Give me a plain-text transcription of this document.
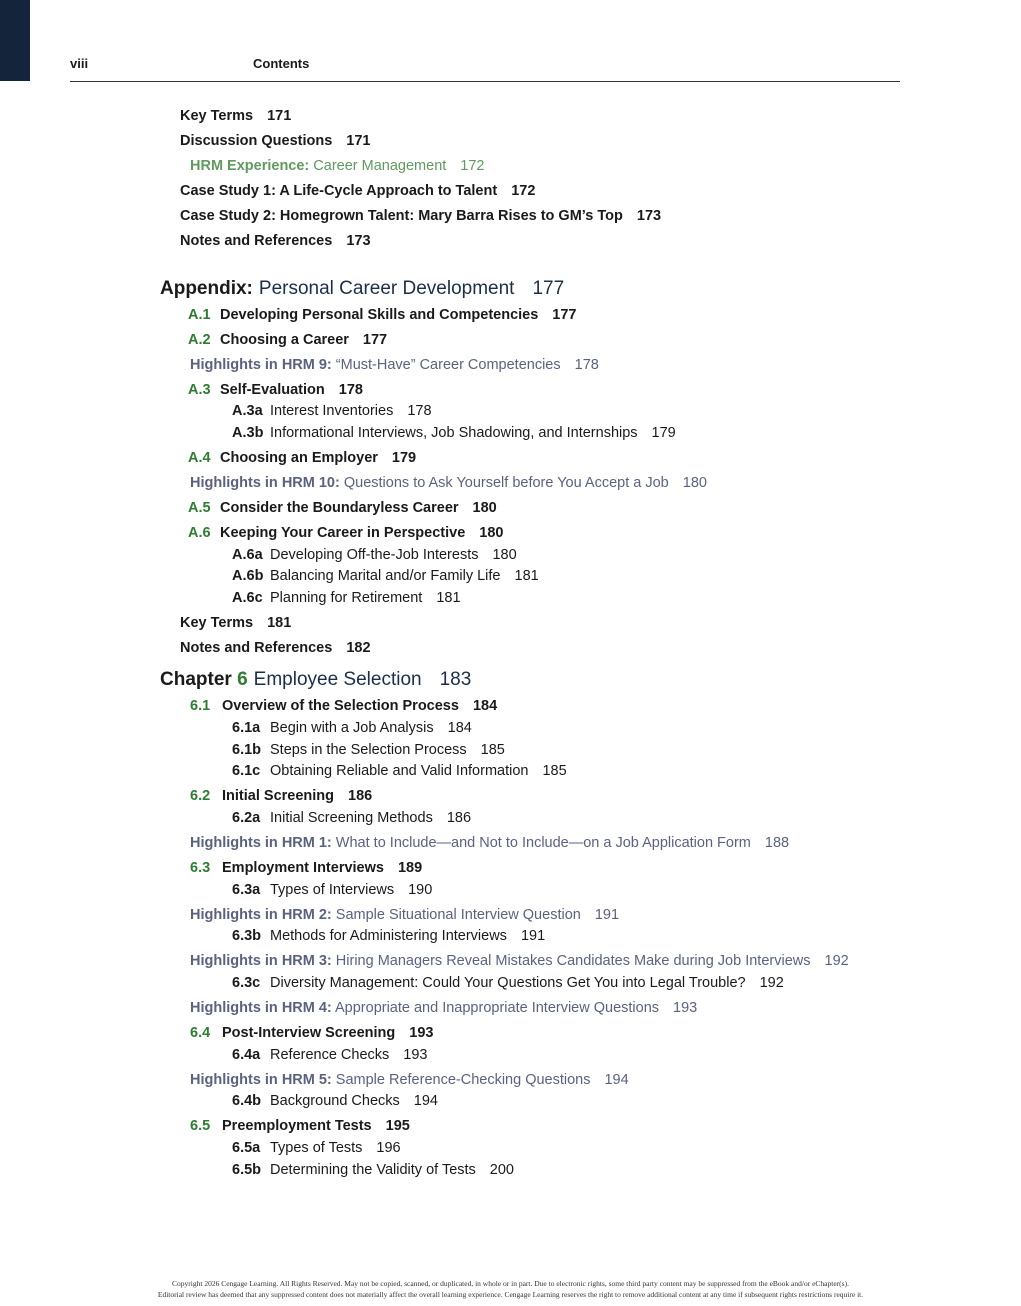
viii	Contents
Key Terms 171
Discussion Questions 171
HRM Experience: Career Management 172
Case Study 1: A Life-Cycle Approach to Talent 172
Case Study 2: Homegrown Talent: Mary Barra Rises to GM’s Top 173
Notes and References 173
Appendix: Personal Career Development 177
A.1 Developing Personal Skills and Competencies 177
A.2 Choosing a Career 177
Highlights in HRM 9: “Must-Have” Career Competencies 178
A.3 Self-Evaluation 178
A.3a Interest Inventories 178
A.3b Informational Interviews, Job Shadowing, and Internships 179
A.4 Choosing an Employer 179
Highlights in HRM 10: Questions to Ask Yourself before You Accept a Job 180
A.5 Consider the Boundaryless Career 180
A.6 Keeping Your Career in Perspective 180
A.6a Developing Off-the-Job Interests 180
A.6b Balancing Marital and/or Family Life 181
A.6c Planning for Retirement 181
Key Terms 181
Notes and References 182
Chapter 6 Employee Selection 183
6.1 Overview of the Selection Process 184
6.1a Begin with a Job Analysis 184
6.1b Steps in the Selection Process 185
6.1c Obtaining Reliable and Valid Information 185
6.2 Initial Screening 186
6.2a Initial Screening Methods 186
Highlights in HRM 1: What to Include—and Not to Include—on a Job Application Form 188
6.3 Employment Interviews 189
6.3a Types of Interviews 190
Highlights in HRM 2: Sample Situational Interview Question 191
6.3b Methods for Administering Interviews 191
Highlights in HRM 3: Hiring Managers Reveal Mistakes Candidates Make during Job Interviews 192
6.3c Diversity Management: Could Your Questions Get You into Legal Trouble? 192
Highlights in HRM 4: Appropriate and Inappropriate Interview Questions 193
6.4 Post-Interview Screening 193
6.4a Reference Checks 193
Highlights in HRM 5: Sample Reference-Checking Questions 194
6.4b Background Checks 194
6.5 Preemployment Tests 195
6.5a Types of Tests 196
6.5b Determining the Validity of Tests 200
Copyright 2026 Cengage Learning. All Rights Reserved. May not be copied, scanned, or duplicated, in whole or in part. Due to electronic rights, some third party content may be suppressed from the eBook and/or eChapter(s).
Editorial review has deemed that any suppressed content does not materially affect the overall learning experience. Cengage Learning reserves the right to remove additional content at any time if subsequent rights restrictions require it.
